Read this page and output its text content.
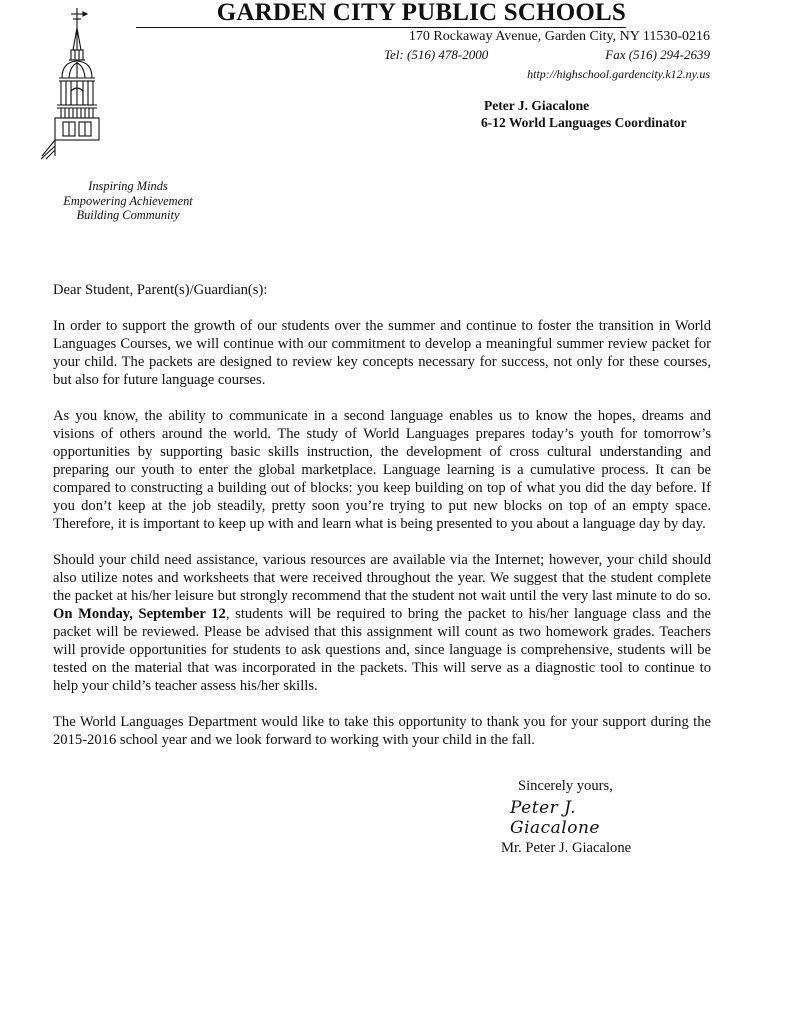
GARDEN CITY PUBLIC SCHOOLS
170 Rockaway Avenue, Garden City, NY 11530-0216
Tel: (516) 478-2000	Fax (516) 294-2639
http://highschool.gardencity.k12.ny.us
Peter J. Giacalone
6-12 World Languages Coordinator
Inspiring Minds
Empowering Achievement
Building Community

Dear Student, Parent(s)/Guardian(s):

In order to support the growth of our students over the summer and continue to foster the transition in World Languages Courses, we will continue with our commitment to develop a meaningful summer review packet for your child. The packets are designed to review key concepts necessary for success, not only for these courses, but also for future language courses.

As you know, the ability to communicate in a second language enables us to know the hopes, dreams and visions of others around the world. The study of World Languages prepares today’s youth for tomorrow’s opportunities by supporting basic skills instruction, the development of cross cultural understanding and preparing our youth to enter the global marketplace. Language learning is a cumulative process. It can be compared to constructing a building out of blocks: you keep building on top of what you did the day before. If you don’t keep at the job steadily, pretty soon you’re trying to put new blocks on top of an empty space. Therefore, it is important to keep up with and learn what is being presented to you about a language day by day.

Should your child need assistance, various resources are available via the Internet; however, your child should also utilize notes and worksheets that were received throughout the year. We suggest that the student complete the packet at his/her leisure but strongly recommend that the student not wait until the very last minute to do so. On Monday, September 12, students will be required to bring the packet to his/her language class and the packet will be reviewed. Please be advised that this assignment will count as two homework grades. Teachers will provide opportunities for students to ask questions and, since language is comprehensive, students will be tested on the material that was incorporated in the packets. This will serve as a diagnostic tool to continue to help your child’s teacher assess his/her skills.

The World Languages Department would like to take this opportunity to thank you for your support during the 2015-2016 school year and we look forward to working with your child in the fall.

Sincerely yours,
Peter J. Giacalone
Mr. Peter J. Giacalone
